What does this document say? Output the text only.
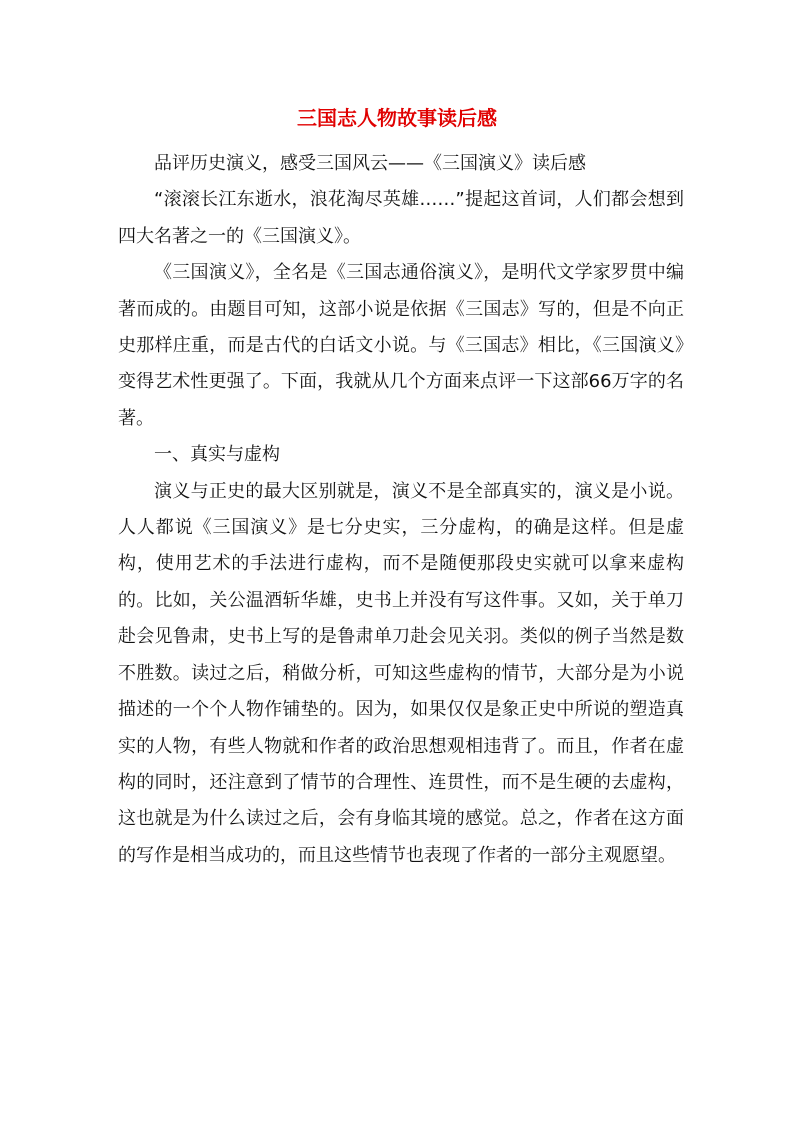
三国志人物故事读后感

品评历史演义，感受三国风云——《三国演义》读后感

“滚滚长江东逝水，浪花淘尽英雄……”提起这首词，人们都会想到四大名著之一的《三国演义》。

《三国演义》，全名是《三国志通俗演义》，是明代文学家罗贯中编著而成的。由题目可知，这部小说是依据《三国志》写的，但是不向正史那样庄重，而是古代的白话文小说。与《三国志》相比，《三国演义》变得艺术性更强了。下面，我就从几个方面来点评一下这部66万字的名著。

一、真实与虚构

演义与正史的最大区别就是，演义不是全部真实的，演义是小说。人人都说《三国演义》是七分史实，三分虚构，的确是这样。但是虚构，使用艺术的手法进行虚构，而不是随便那段史实就可以拿来虚构的。比如，关公温酒斩华雄，史书上并没有写这件事。又如，关于单刀赴会见鲁肃，史书上写的是鲁肃单刀赴会见关羽。类似的例子当然是数不胜数。读过之后，稍做分析，可知这些虚构的情节，大部分是为小说描述的一个个人物作铺垫的。因为，如果仅仅是象正史中所说的塑造真实的人物，有些人物就和作者的政治思想观相违背了。而且，作者在虚构的同时，还注意到了情节的合理性、连贯性，而不是生硬的去虚构，这也就是为什么读过之后，会有身临其境的感觉。总之，作者在这方面的写作是相当成功的，而且这些情节也表现了作者的一部分主观愿望。
